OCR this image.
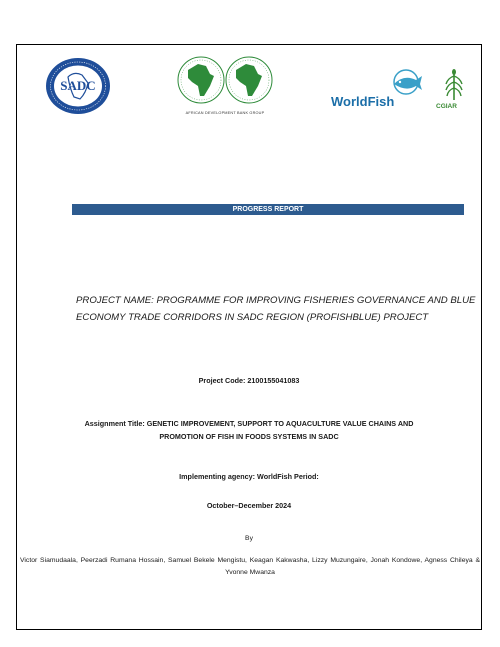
SADC
AFRICAN DEVELOPMENT BANK GROUP
WorldFish	CGIAR
PROGRESS REPORT
PROJECT NAME: PROGRAMME FOR IMPROVING FISHERIES GOVERNANCE AND BLUE ECONOMY TRADE CORRIDORS IN SADC REGION (PROFISHBLUE) PROJECT
Project Code: 2100155041083
Assignment Title: GENETIC IMPROVEMENT, SUPPORT TO AQUACULTURE VALUE CHAINS AND
PROMOTION OF FISH IN FOODS SYSTEMS IN SADC
Implementing agency: WorldFish Period:
October–December 2024
By
Victor Siamudaala, Peerzadi Rumana Hossain, Samuel Bekele Mengistu, Keagan Kakwasha, Lizzy Muzungaire, Jonah Kondowe, Agness Chileya & Yvonne Mwanza
